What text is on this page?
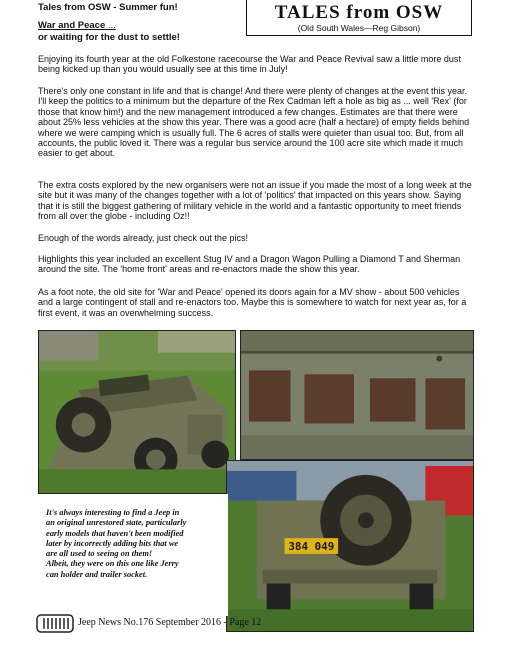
Tales from OSW - Summer fun!
War and Peace ...
or waiting for the dust to settle!
TALES from OSW
(Old South Wales—Reg Gibson)

Enjoying its fourth year at the old Folkestone racecourse the War and Peace Revival saw a little more dust being kicked up than you would usually see at this time in July!

There's only one constant in life and that is change! And there were plenty of changes at the event this year. I'll keep the politics to a minimum but the departure of the Rex Cadman left a hole as big as ... well 'Rex' (for those that know him!) and the new management introduced a few changes. Estimates are that there were about 25% less vehicles at the show this year. There was a good acre (half a hectare) of empty fields behind where we were camping which is usually full. The 6 acres of stalls were quieter than usual too. But, from all accounts, the public loved it. There was a regular bus service around the 100 acre site which made it much easier to get about.

The extra costs explored by the new organisers were not an issue if you made the most of a long week at the site but it was many of the changes together with a lot of 'politics' that impacted on this years show. Saying that it is still the biggest gathering of military vehicle in the world and a fantastic opportunity to meet friends from all over the globe - including Oz!!

Enough of the words already, just check out the pics!

Highlights this year included an excellent Stug IV and a Dragon Wagon Pulling a Diamond T and Sherman around the site. The 'home front' areas and re-enactors made the show this year.

As a foot note, the old site for 'War and Peace' opened its doors again for a MV show - about 500 vehicles and a large contingent of stall and re-enactors too. Maybe this is somewhere to watch for next year as, for a first event, it was an overwhelming success.

384 049
It's always interesting to find a Jeep in
an original unrestored state, particularly
early models that haven't been modified
later by incorrectly adding bits that we
are all used to seeing on them!
Albeit, they were on this one like Jerry
can holder and trailer socket.
Jeep News No.176 September 2016 - Page 12
